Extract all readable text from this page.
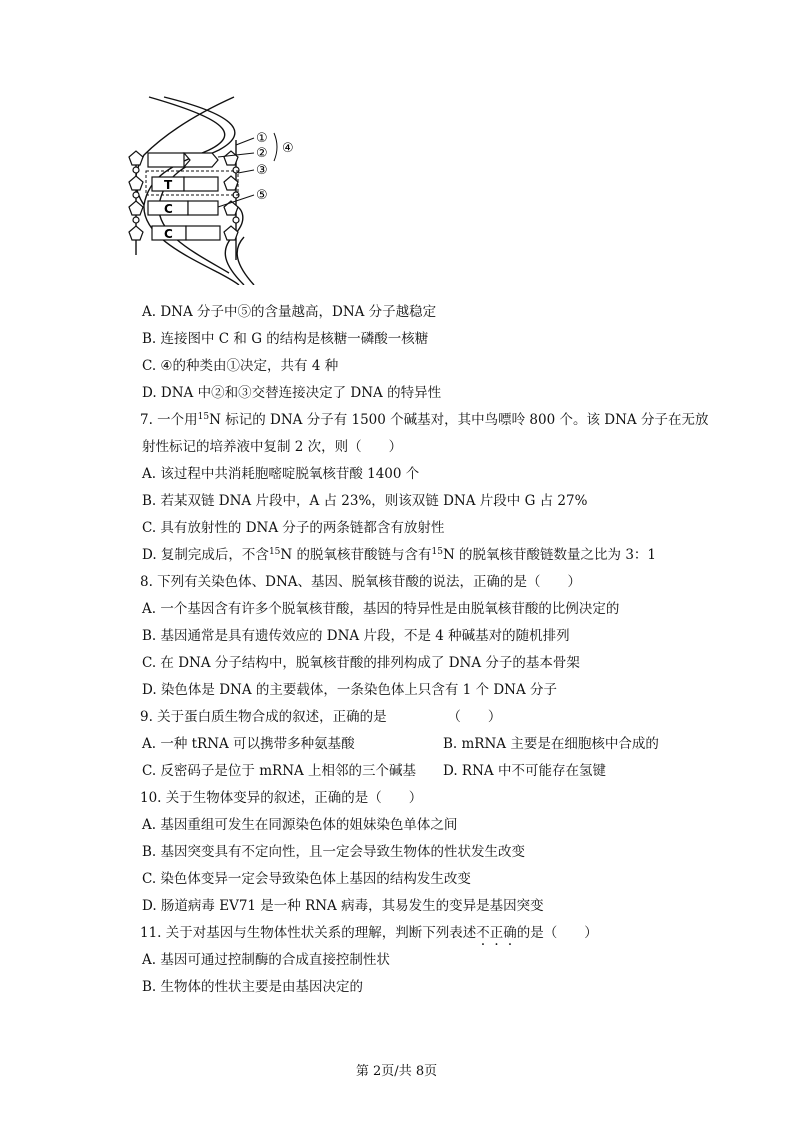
T
C
C
①
②
③
④
⑤
A. DNA 分子中⑤的含量越高，DNA 分子越稳定
B. 连接图中 C 和 G 的结构是核糖一磷酸一核糖
C. ④的种类由①决定，共有 4 种
D. DNA 中②和③交替连接决定了 DNA 的特异性
7. 一个用$^{15}$N 标记的 DNA 分子有 1500 个碱基对，其中鸟嘌呤 800 个。该 DNA 分子在无放
射性标记的培养液中复制 2 次，则（　　）
A. 该过程中共消耗胞嘧啶脱氧核苷酸 1400 个
B. 若某双链 DNA 片段中，A 占 23%，则该双链 DNA 片段中 G 占 27%
C. 具有放射性的 DNA 分子的两条链都含有放射性
D. 复制完成后，不含$^{15}$N 的脱氧核苷酸链与含有$^{15}$N 的脱氧核苷酸链数量之比为 3：1
8. 下列有关染色体、DNA、基因、脱氧核苷酸的说法，正确的是（　　）
A. 一个基因含有许多个脱氧核苷酸，基因的特异性是由脱氧核苷酸的比例决定的
B. 基因通常是具有遗传效应的 DNA 片段，不是 4 种碱基对的随机排列
C. 在 DNA 分子结构中，脱氧核苷酸的排列构成了 DNA 分子的基本骨架
D. 染色体是 DNA 的主要载体，一条染色体上只含有 1 个 DNA 分子
9. 关于蛋白质生物合成的叙述，正确的是　　　　　（　　）
A. 一种 tRNA 可以携带多种氨基酸	B. mRNA 主要是在细胞核中合成的
C. 反密码子是位于 mRNA 上相邻的三个碱基 D. RNA 中不可能存在氢键
10. 关于生物体变异的叙述，正确的是（　　）
A. 基因重组可发生在同源染色体的姐妹染色单体之间
B. 基因突变具有不定向性，且一定会导致生物体的性状发生改变
C. 染色体变异一定会导致染色体上基因的结构发生改变
D. 肠道病毒 EV71 是一种 RNA 病毒，其易发生的变异是基因突变
11. 关于对基因与生物体性状关系的理解，判断下列表述不正确的是（　　）
A. 基因可通过控制酶的合成直接控制性状
B. 生物体的性状主要是由基因决定的
第 2页/共 8页
